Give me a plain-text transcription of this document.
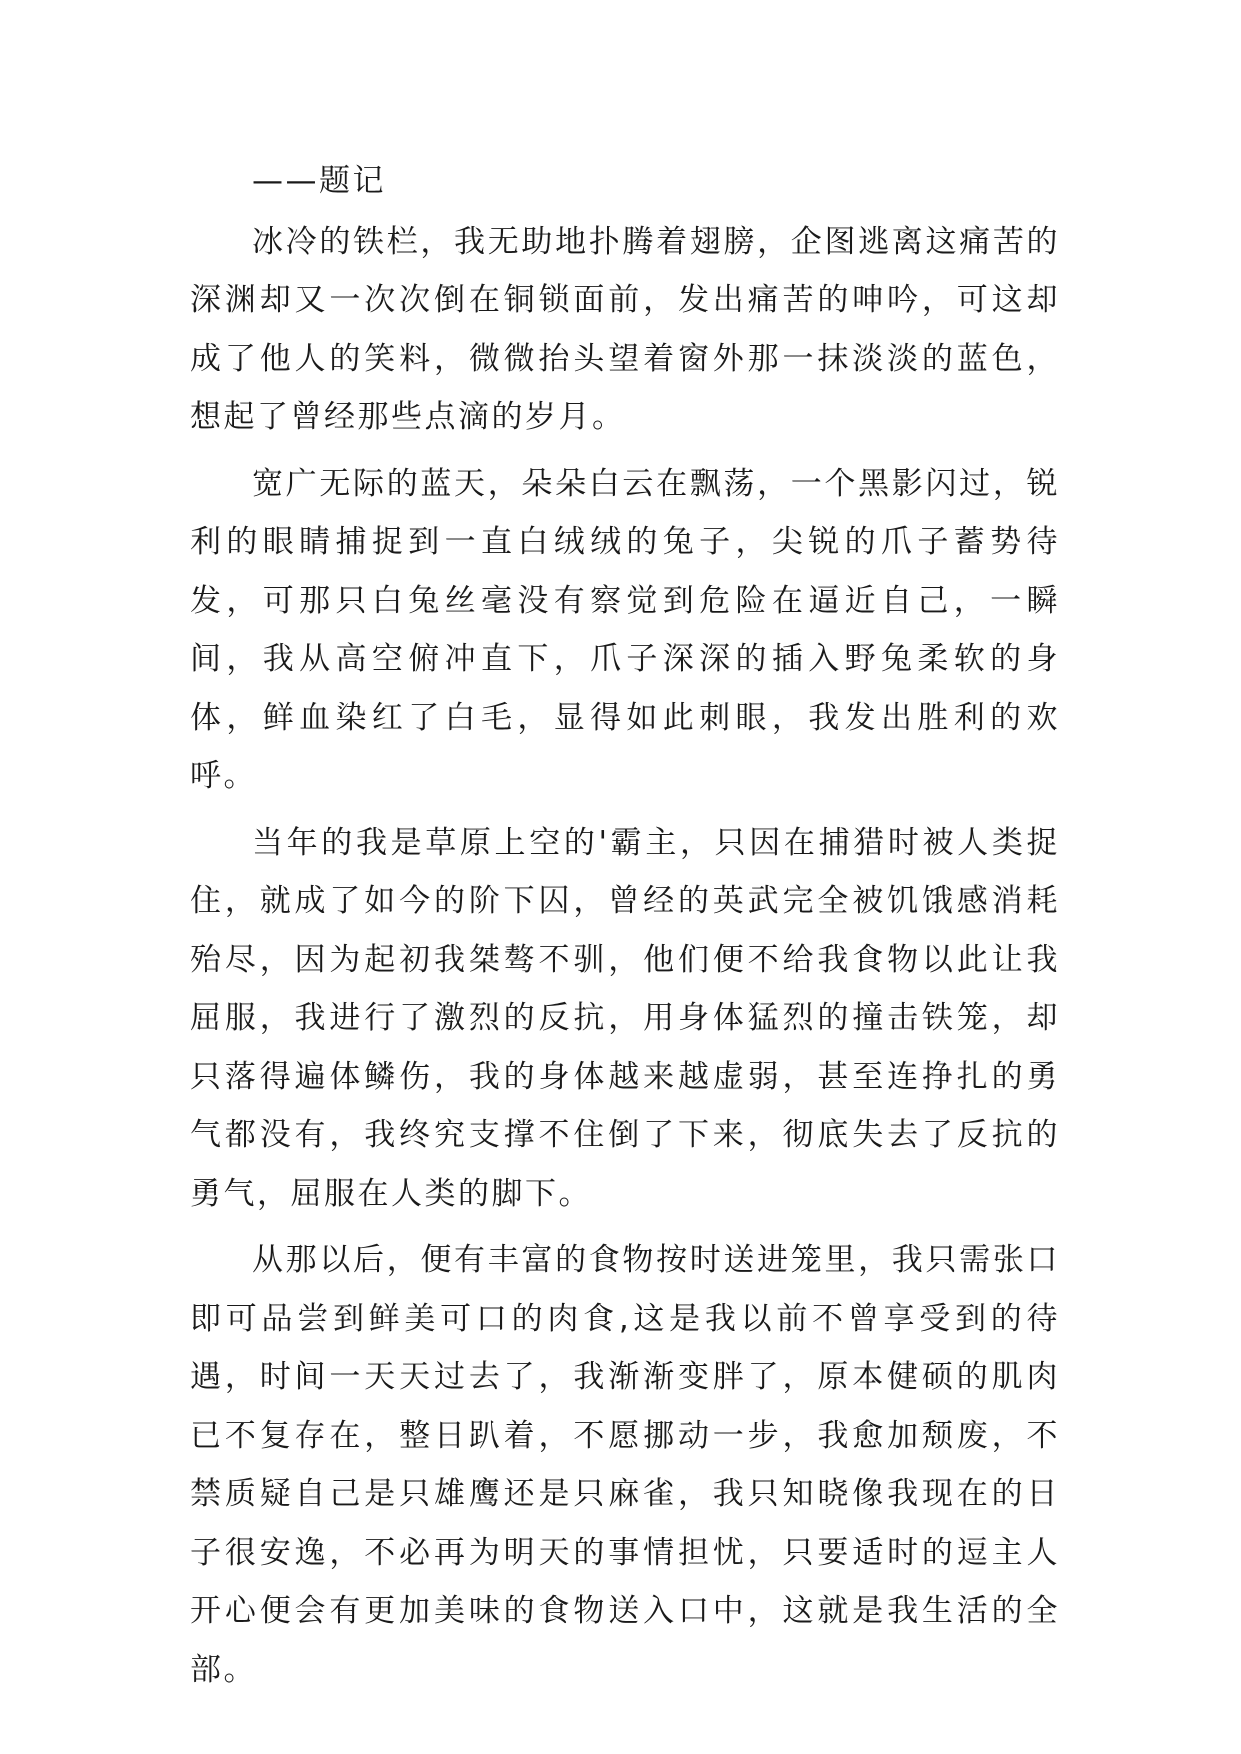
——题记

冰冷的铁栏，我无助地扑腾着翅膀，企图逃离这痛苦的深渊却又一次次倒在铜锁面前，发出痛苦的呻吟，可这却成了他人的笑料，微微抬头望着窗外那一抹淡淡的蓝色，想起了曾经那些点滴的岁月。

宽广无际的蓝天，朵朵白云在飘荡，一个黑影闪过，锐利的眼睛捕捉到一直白绒绒的兔子，尖锐的爪子蓄势待发，可那只白兔丝毫没有察觉到危险在逼近自己，一瞬间，我从高空俯冲直下，爪子深深的插入野兔柔软的身体，鲜血染红了白毛，显得如此刺眼，我发出胜利的欢呼。

当年的我是草原上空的'霸主，只因在捕猎时被人类捉住，就成了如今的阶下囚，曾经的英武完全被饥饿感消耗殆尽，因为起初我桀骜不驯，他们便不给我食物以此让我屈服，我进行了激烈的反抗，用身体猛烈的撞击铁笼，却只落得遍体鳞伤，我的身体越来越虚弱，甚至连挣扎的勇气都没有，我终究支撑不住倒了下来，彻底失去了反抗的勇气，屈服在人类的脚下。

从那以后，便有丰富的食物按时送进笼里，我只需张口即可品尝到鲜美可口的肉食,这是我以前不曾享受到的待遇，时间一天天过去了，我渐渐变胖了，原本健硕的肌肉已不复存在，整日趴着，不愿挪动一步，我愈加颓废，不禁质疑自己是只雄鹰还是只麻雀，我只知晓像我现在的日子很安逸，不必再为明天的事情担忧，只要适时的逗主人开心便会有更加美味的食物送入口中，这就是我生活的全部。
